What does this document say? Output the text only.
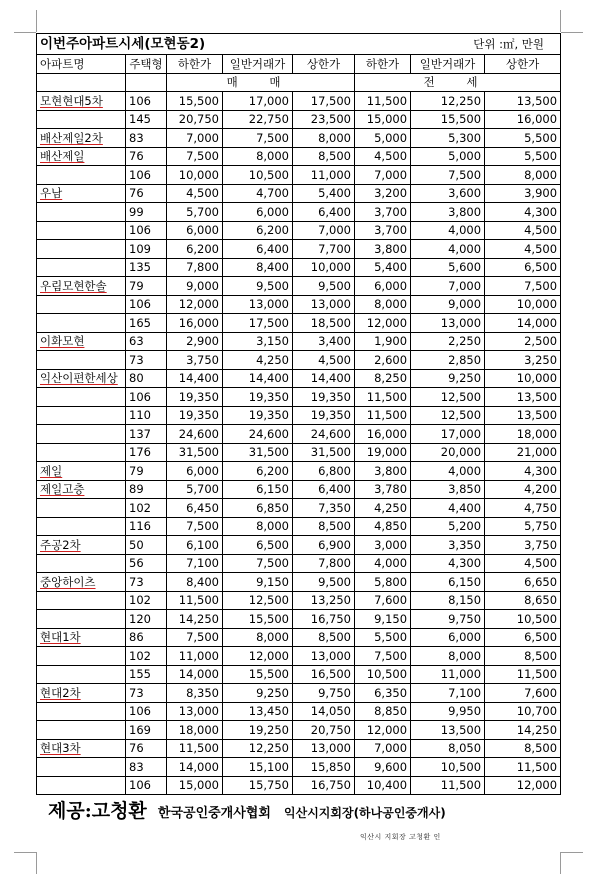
이번주아파트시세(모현동2)						단위 :㎡, 만원	
아파트명	주택형	하한가	일반거래가	상한가	하한가	일반거래가	상한가
		매 매			전 세		
모현현대5차	106	15,500	17,000	17,500	11,500	12,250	13,500
	145	20,750	22,750	23,500	15,000	15,500	16,000
배산제일2차	83	7,000	7,500	8,000	5,000	5,300	5,500
배산제일	76	7,500	8,000	8,500	4,500	5,000	5,500
	106	10,000	10,500	11,000	7,000	7,500	8,000
우남	76	4,500	4,700	5,400	3,200	3,600	3,900
	99	5,700	6,000	6,400	3,700	3,800	4,300
	106	6,000	6,200	7,000	3,700	4,000	4,500
	109	6,200	6,400	7,700	3,800	4,000	4,500
	135	7,800	8,400	10,000	5,400	5,600	6,500
우림모현한솔	79	9,000	9,500	9,500	6,000	7,000	7,500
	106	12,000	13,000	13,000	8,000	9,000	10,000
	165	16,000	17,500	18,500	12,000	13,000	14,000
이화모현	63	2,900	3,150	3,400	1,900	2,250	2,500
	73	3,750	4,250	4,500	2,600	2,850	3,250
익산이편한세상	80	14,400	14,400	14,400	8,250	9,250	10,000
	106	19,350	19,350	19,350	11,500	12,500	13,500
	110	19,350	19,350	19,350	11,500	12,500	13,500
	137	24,600	24,600	24,600	16,000	17,000	18,000
	176	31,500	31,500	31,500	19,000	20,000	21,000
제일	79	6,000	6,200	6,800	3,800	4,000	4,300
제일고층	89	5,700	6,150	6,400	3,780	3,850	4,200
	102	6,450	6,850	7,350	4,250	4,400	4,750
	116	7,500	8,000	8,500	4,850	5,200	5,750
주공2차	50	6,100	6,500	6,900	3,000	3,350	3,750
	56	7,100	7,500	7,800	4,000	4,300	4,500
중앙하이츠	73	8,400	9,150	9,500	5,800	6,150	6,650
	102	11,500	12,500	13,250	7,600	8,150	8,650
	120	14,250	15,500	16,750	9,150	9,750	10,500
현대1차	86	7,500	8,000	8,500	5,500	6,000	6,500
	102	11,000	12,000	13,000	7,500	8,000	8,500
	155	14,000	15,500	16,500	10,500	11,000	11,500
현대2차	73	8,350	9,250	9,750	6,350	7,100	7,600
	106	13,000	13,450	14,050	8,850	9,950	10,700
	169	18,000	19,250	20,750	12,000	13,500	14,250
현대3차	76	11,500	12,250	13,000	7,000	8,050	8,500
	83	14,000	15,100	15,850	9,600	10,500	11,500
	106	15,000	15,750	16,750	10,400	11,500	12,000
제공:고청환 한국공인중개사협회 익산시지회장(하나공인중개사)
익산시 지회장 고청환 인
